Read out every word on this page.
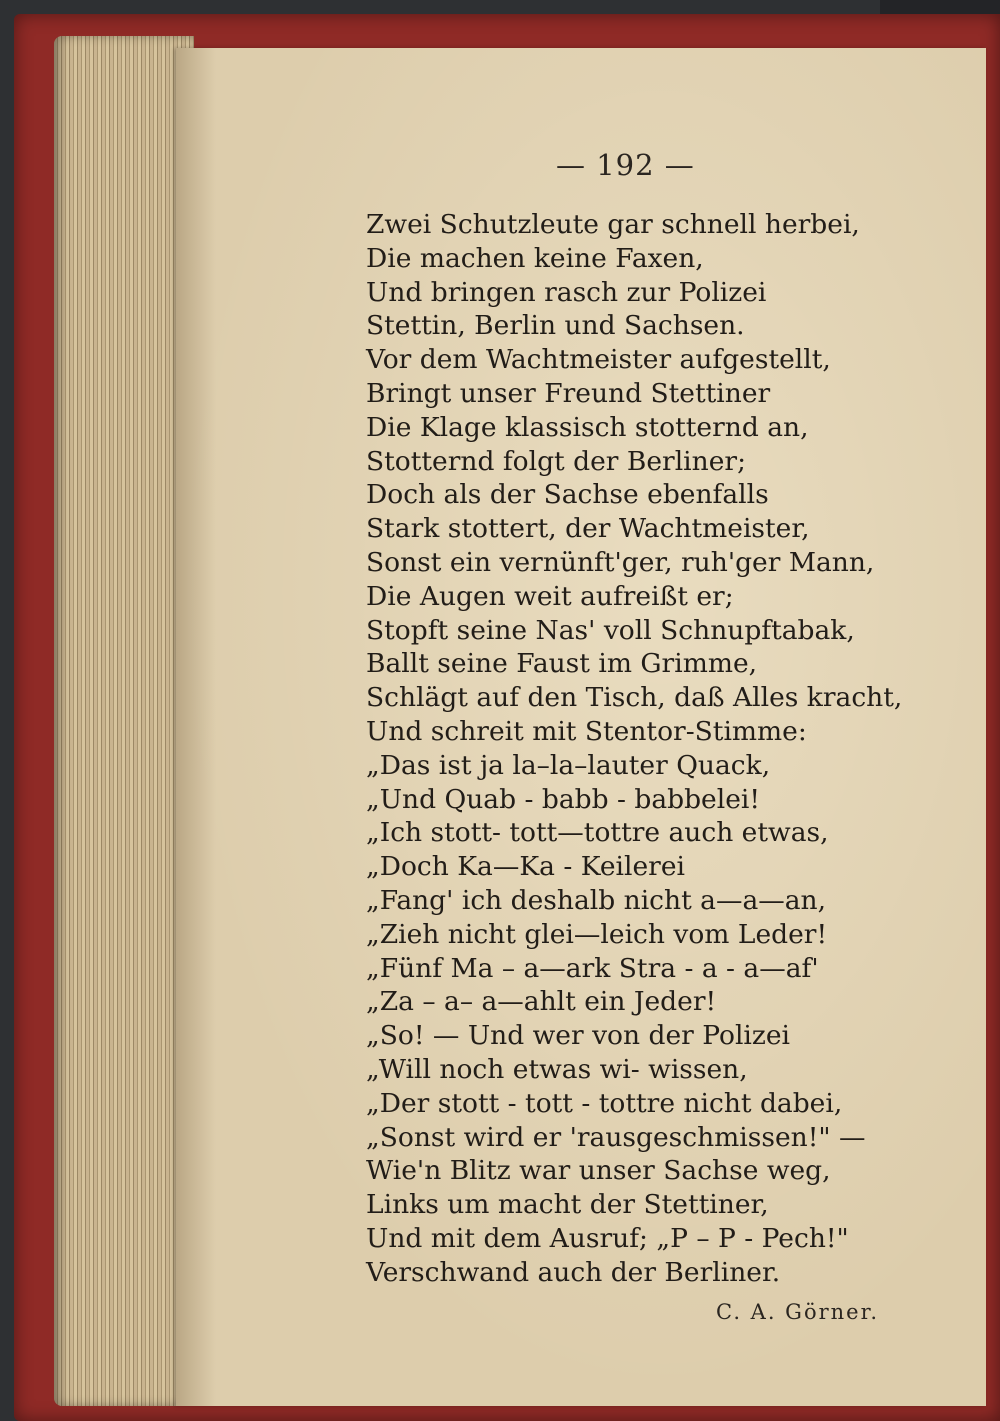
— 192 —
Zwei Schutzleute gar schnell herbei,
Die machen keine Faxen,
Und bringen rasch zur Polizei
Stettin, Berlin und Sachsen.
Vor dem Wachtmeister aufgestellt,
Bringt unser Freund Stettiner
Die Klage klassisch stotternd an,
Stotternd folgt der Berliner;
Doch als der Sachse ebenfalls
Stark stottert, der Wachtmeister,
Sonst ein vernünft'ger, ruh'ger Mann,
Die Augen weit aufreißt er;
Stopft seine Nas' voll Schnupftabak,
Ballt seine Faust im Grimme,
Schlägt auf den Tisch, daß Alles kracht,
Und schreit mit Stentor-Stimme:
„Das ist ja la–la–lauter Quack,
„Und Quab - babb - babbelei!
„Ich stott- tott—tottre auch etwas,
„Doch Ka—Ka - Keilerei
„Fang' ich deshalb nicht a—a—an,
„Zieh nicht glei—leich vom Leder!
„Fünf Ma – a—ark Stra - a - a—af'
„Za – a– a—ahlt ein Jeder!
„So! — Und wer von der Polizei
„Will noch etwas wi- wissen,
„Der stott - tott - tottre nicht dabei,
„Sonst wird er 'rausgeschmissen!" —
Wie'n Blitz war unser Sachse weg,
Links um macht der Stettiner,
Und mit dem Ausruf; „P – P - Pech!"
Verschwand auch der Berliner.
C. A. Görner.
